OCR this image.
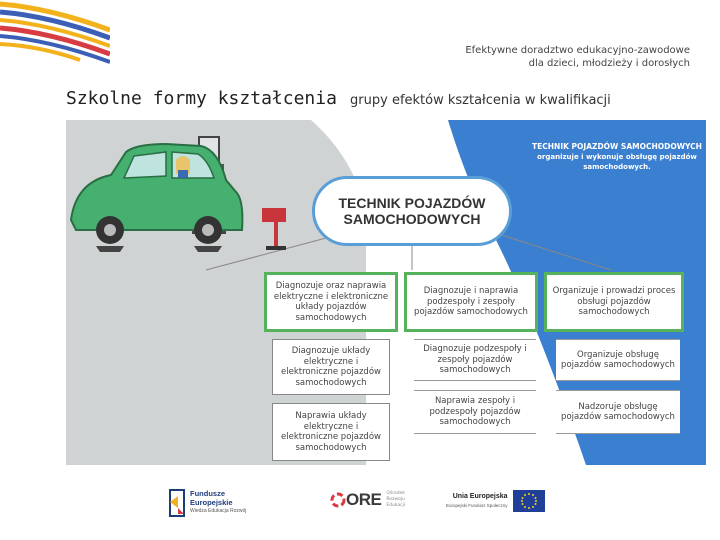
Efektywne doradztwo edukacyjno-zawodowe
dla dzieci, młodzieży i dorosłych
Szkolne formy kształcenia grupy efektów kształcenia w kwalifikacji
TECHNIK POJAZDÓW SAMOCHODOWYCH
organizuje i wykonuje obsługę pojazdów samochodowych.
TECHNIK POJAZDÓW SAMOCHODOWYCH
Diagnozuje oraz naprawia elektryczne i elektroniczne układy pojazdów samochodowych
Diagnozuje i naprawia podzespoły i zespoły pojazdów samochodowych
Organizuje i prowadzi proces obsługi pojazdów samochodowych
Diagnozuje układy elektryczne i elektroniczne pojazdów samochodowych
Diagnozuje podzespoły i zespoły pojazdów samochodowych
Organizuje obsługę pojazdów samochodowych
Naprawia układy elektryczne i elektroniczne pojazdów samochodowych
Naprawia zespoły i podzespoły pojazdów samochodowych
Nadzoruje obsługę pojazdów samochodowych
Fundusze
Europejskie
Wiedza Edukacja Rozwój
ORE Ośrodek
Rozwoju
Edukacji
Unia Europejska
Europejski Fundusz Społeczny
